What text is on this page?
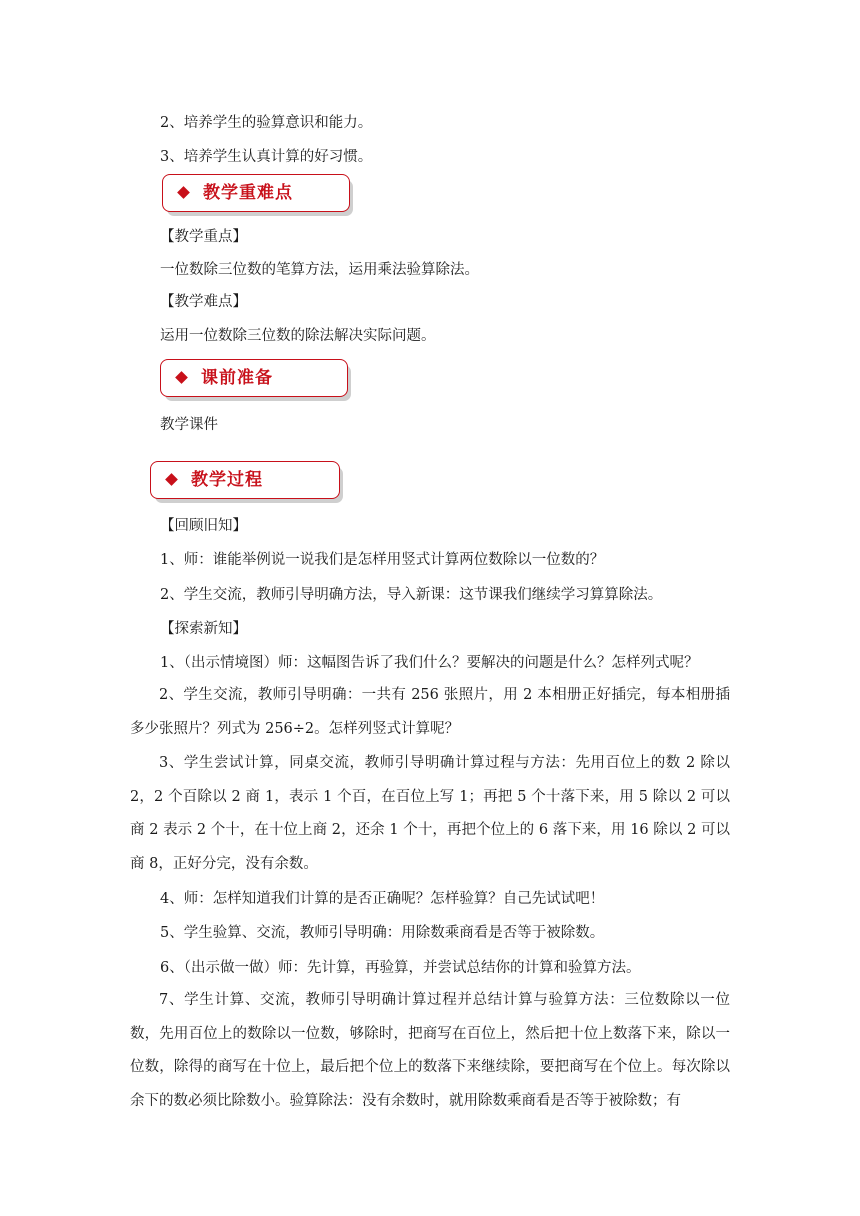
2、培养学生的验算意识和能力。
3、培养学生认真计算的好习惯。
教学重难点
【教学重点】
一位数除三位数的笔算方法，运用乘法验算除法。
【教学难点】
运用一位数除三位数的除法解决实际问题。
课前准备
教学课件
教学过程
【回顾旧知】
1、师：谁能举例说一说我们是怎样用竖式计算两位数除以一位数的？
2、学生交流，教师引导明确方法，导入新课：这节课我们继续学习算算除法。
【探索新知】
1、（出示情境图）师：这幅图告诉了我们什么？要解决的问题是什么？怎样列式呢？
2、学生交流，教师引导明确：一共有 256 张照片，用 2 本相册正好插完，每本相册插多少张照片？列式为 256÷2。怎样列竖式计算呢？
3、学生尝试计算，同桌交流，教师引导明确计算过程与方法：先用百位上的数 2 除以 2，2 个百除以 2 商 1，表示 1 个百，在百位上写 1；再把 5 个十落下来，用 5 除以 2 可以商 2 表示 2 个十，在十位上商 2，还余 1 个十，再把个位上的 6 落下来，用 16 除以 2 可以商 8，正好分完，没有余数。
4、师：怎样知道我们计算的是否正确呢？怎样验算？自己先试试吧！
5、学生验算、交流，教师引导明确：用除数乘商看是否等于被除数。
6、（出示做一做）师：先计算，再验算，并尝试总结你的计算和验算方法。
7、学生计算、交流，教师引导明确计算过程并总结计算与验算方法：三位数除以一位数，先用百位上的数除以一位数，够除时，把商写在百位上，然后把十位上数落下来，除以一位数，除得的商写在十位上，最后把个位上的数落下来继续除，要把商写在个位上。每次除以余下的数必须比除数小。验算除法：没有余数时，就用除数乘商看是否等于被除数；有
